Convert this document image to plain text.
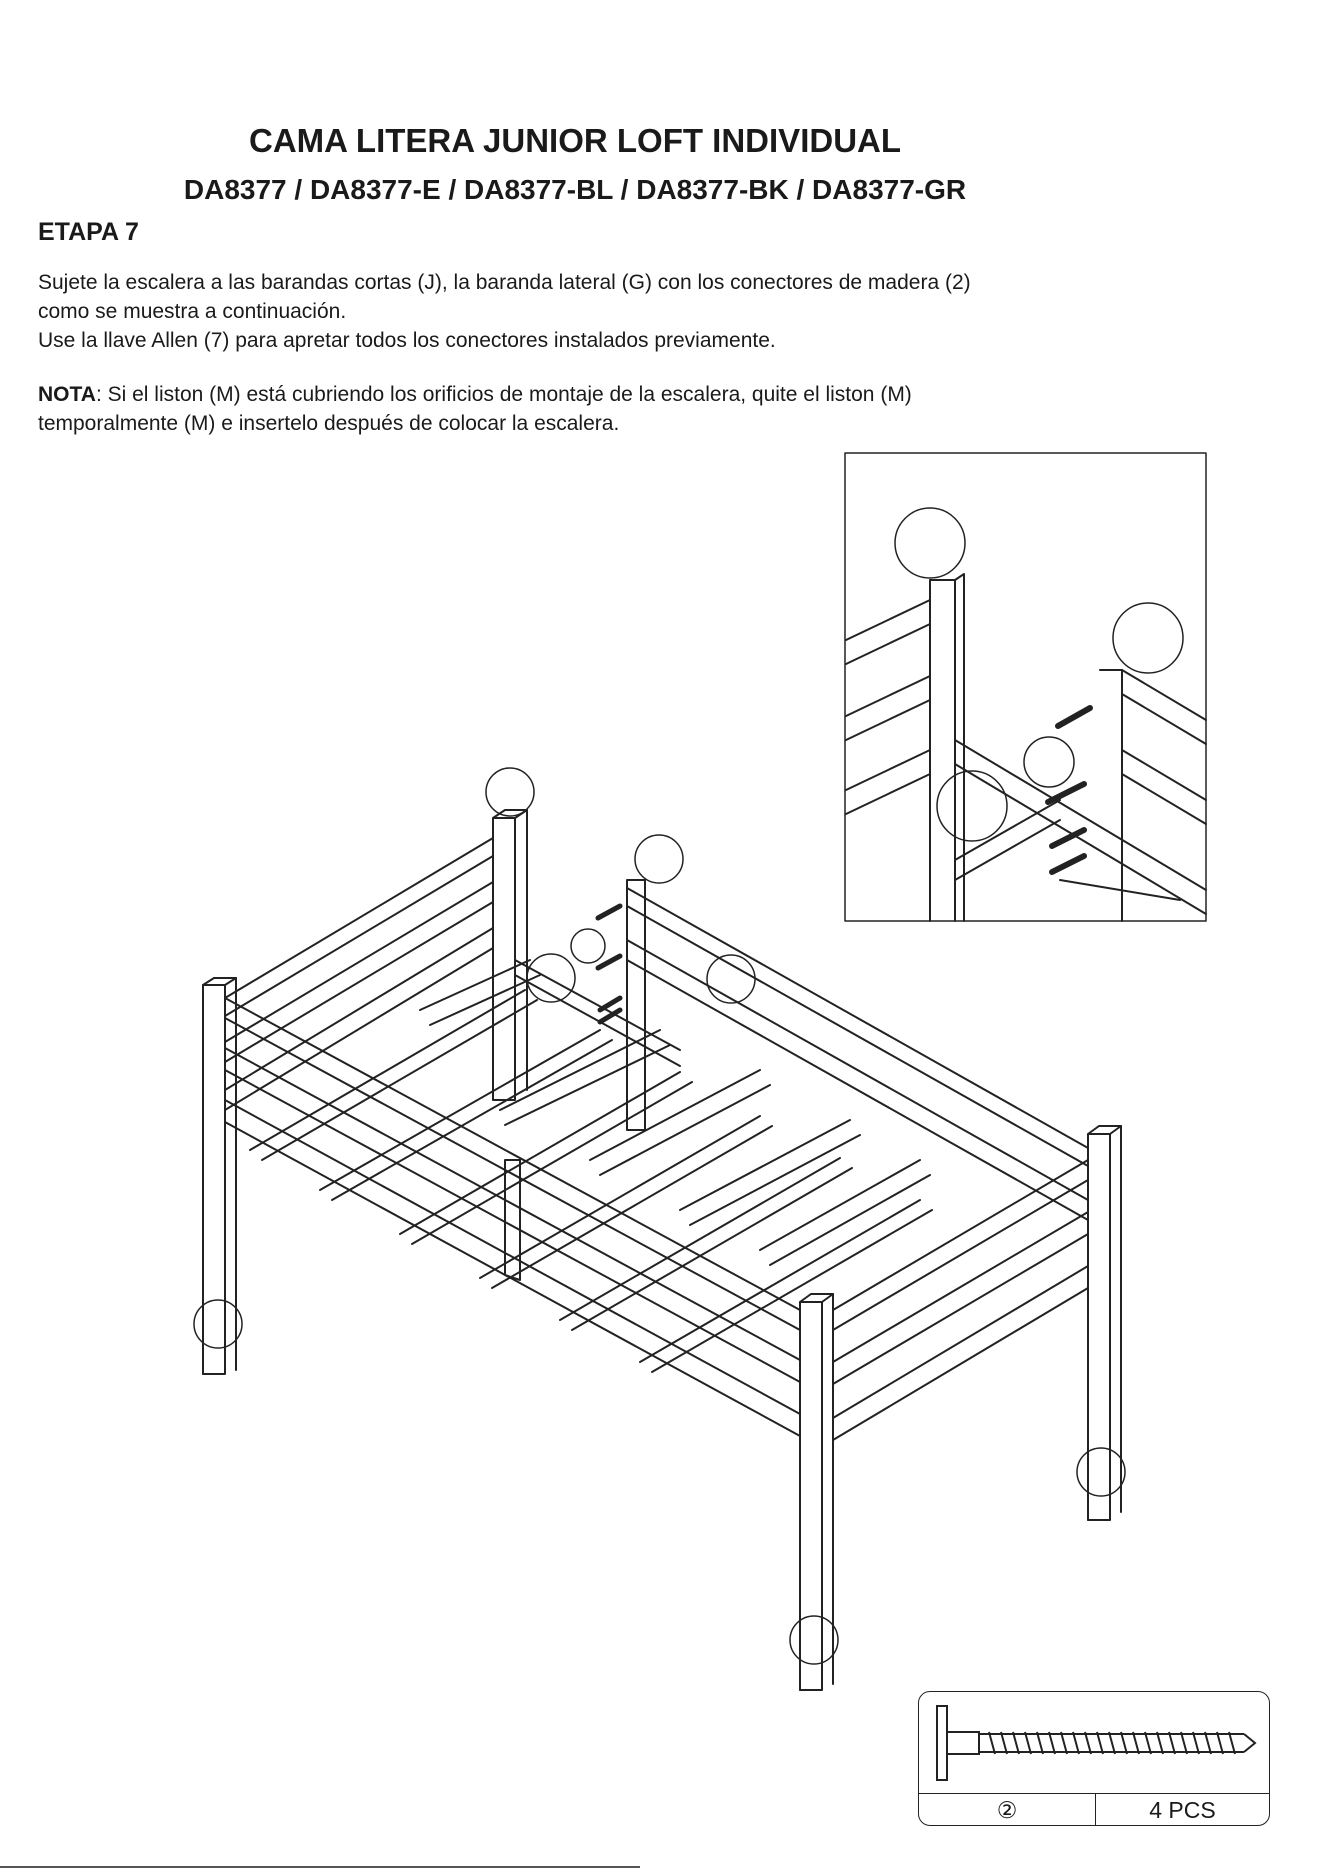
CAMA LITERA JUNIOR LOFT INDIVIDUAL
DA8377 / DA8377-E / DA8377-BL / DA8377-BK / DA8377-GR
ETAPA 7

Sujete la escalera a las barandas cortas (J), la baranda lateral (G) con los conectores de madera (2)
como se muestra a continuación.
Use la llave Allen (7) para apretar todos los conectores instalados previamente.

NOTA: Si el liston (M) está cubriendo los orificios de montaje de la escalera, quite el liston (M)
temporalmente (M) e insertelo después de colocar la escalera.

②	4 PCS
